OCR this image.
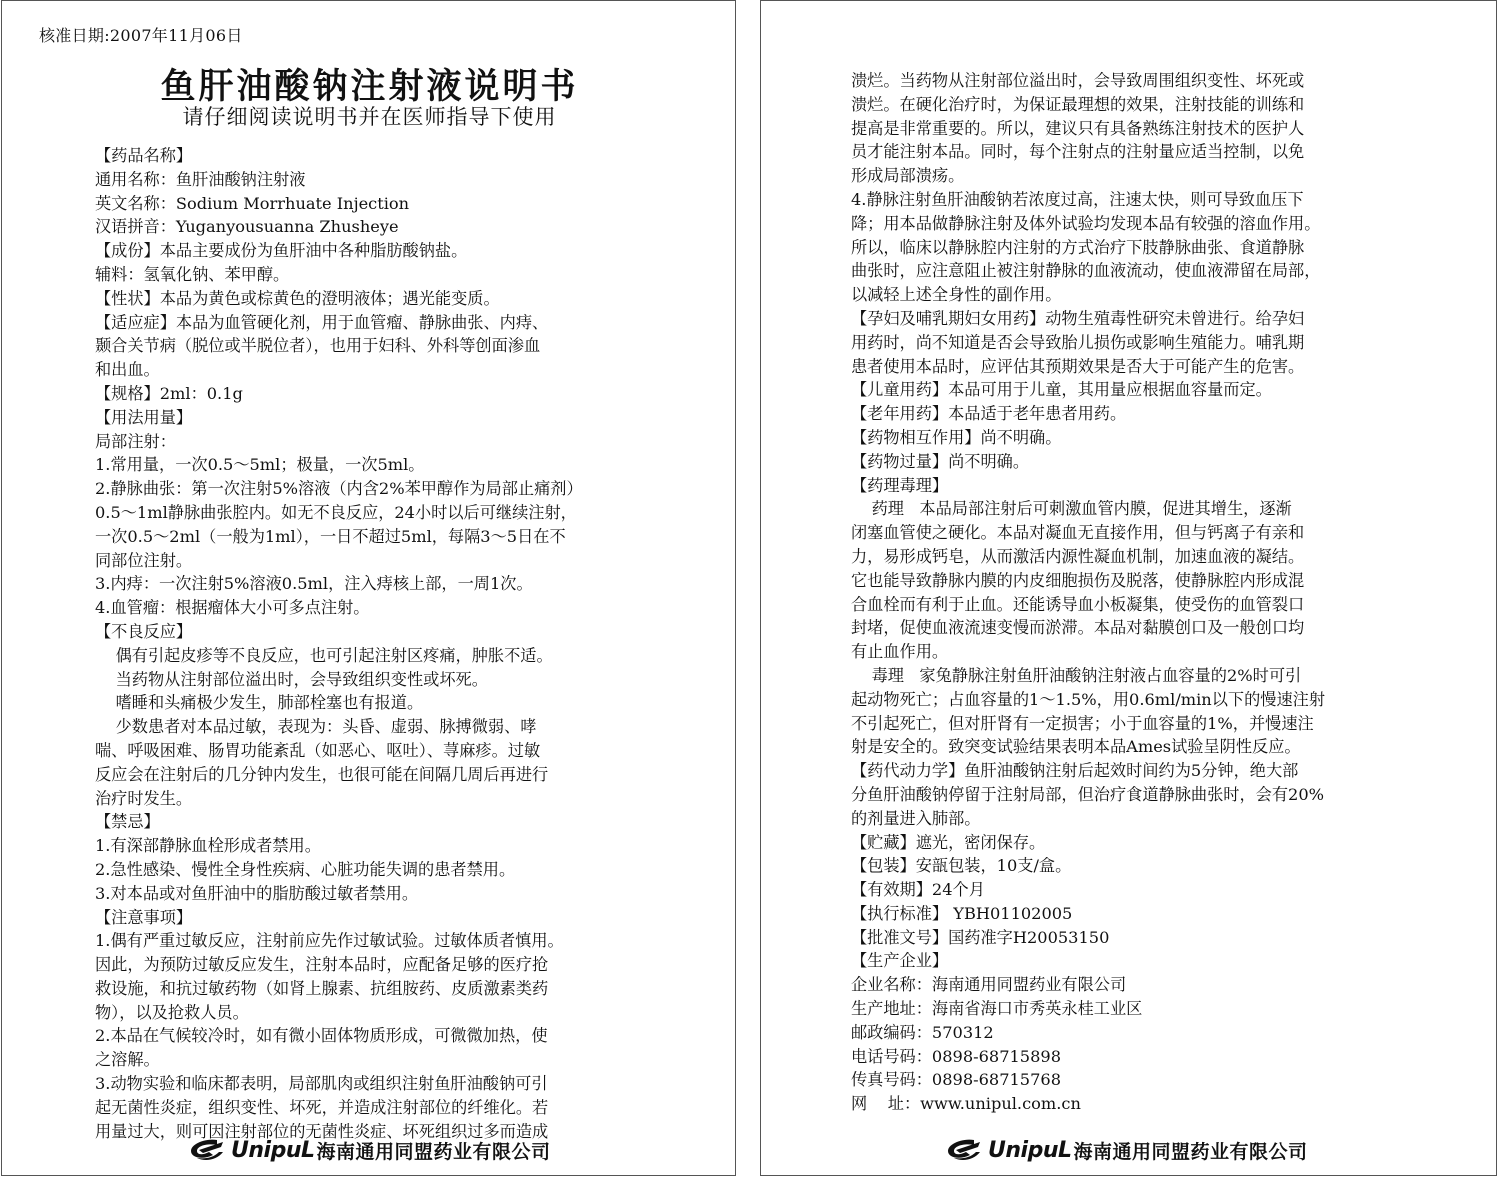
核准日期:2007年11月06日
鱼肝油酸钠注射液说明书
请仔细阅读说明书并在医师指导下使用
【药品名称】
通用名称：鱼肝油酸钠注射液
英文名称：Sodium Morrhuate Injection
汉语拼音：Yuganyousuanna Zhusheye
【成份】本品主要成份为鱼肝油中各种脂肪酸钠盐。
辅料：氢氧化钠、苯甲醇。
【性状】本品为黄色或棕黄色的澄明液体；遇光能变质。
【适应症】本品为血管硬化剂，用于血管瘤、静脉曲张、内痔、
颞合关节病（脱位或半脱位者），也用于妇科、外科等创面渗血
和出血。
【规格】2ml：0.1g
【用法用量】
局部注射：
1.常用量，一次0.5～5ml；极量，一次5ml。
2.静脉曲张：第一次注射5%溶液（内含2%苯甲醇作为局部止痛剂）
0.5～1ml静脉曲张腔内。如无不良反应，24小时以后可继续注射，
一次0.5～2ml（一般为1ml），一日不超过5ml，每隔3～5日在不
同部位注射。
3.内痔：一次注射5%溶液0.5ml，注入痔核上部，一周1次。
4.血管瘤：根据瘤体大小可多点注射。
【不良反应】
偶有引起皮疹等不良反应，也可引起注射区疼痛，肿胀不适。
当药物从注射部位溢出时，会导致组织变性或坏死。
嗜睡和头痛极少发生，肺部栓塞也有报道。
少数患者对本品过敏，表现为：头昏、虚弱、脉搏微弱、哮
喘、呼吸困难、肠胃功能紊乱（如恶心、呕吐）、荨麻疹。过敏
反应会在注射后的几分钟内发生，也很可能在间隔几周后再进行
治疗时发生。
【禁忌】
1.有深部静脉血栓形成者禁用。
2.急性感染、慢性全身性疾病、心脏功能失调的患者禁用。
3.对本品或对鱼肝油中的脂肪酸过敏者禁用。
【注意事项】
1.偶有严重过敏反应，注射前应先作过敏试验。过敏体质者慎用。
因此，为预防过敏反应发生，注射本品时，应配备足够的医疗抢
救设施，和抗过敏药物（如肾上腺素、抗组胺药、皮质激素类药
物），以及抢救人员。
2.本品在气候较冷时，如有微小固体物质形成，可微微加热，使
之溶解。
3.动物实验和临床都表明，局部肌肉或组织注射鱼肝油酸钠可引
起无菌性炎症，组织变性、坏死，并造成注射部位的纤维化。若
用量过大，则可因注射部位的无菌性炎症、坏死组织过多而造成
UnipuL 海南通用同盟药业有限公司
溃烂。当药物从注射部位溢出时，会导致周围组织变性、坏死或
溃烂。在硬化治疗时，为保证最理想的效果，注射技能的训练和
提高是非常重要的。所以，建议只有具备熟练注射技术的医护人
员才能注射本品。同时，每个注射点的注射量应适当控制，以免
形成局部溃疡。
4.静脉注射鱼肝油酸钠若浓度过高，注速太快，则可导致血压下
降；用本品做静脉注射及体外试验均发现本品有较强的溶血作用。
所以，临床以静脉腔内注射的方式治疗下肢静脉曲张、食道静脉
曲张时，应注意阻止被注射静脉的血液流动，使血液滞留在局部，
以减轻上述全身性的副作用。
【孕妇及哺乳期妇女用药】动物生殖毒性研究未曾进行。给孕妇
用药时，尚不知道是否会导致胎儿损伤或影响生殖能力。哺乳期
患者使用本品时，应评估其预期效果是否大于可能产生的危害。
【儿童用药】本品可用于儿童，其用量应根据血容量而定。
【老年用药】本品适于老年患者用药。
【药物相互作用】尚不明确。
【药物过量】尚不明确。
【药理毒理】
药理   本品局部注射后可刺激血管内膜，促进其增生，逐渐
闭塞血管使之硬化。本品对凝血无直接作用，但与钙离子有亲和
力，易形成钙皂，从而激活内源性凝血机制，加速血液的凝结。
它也能导致静脉内膜的内皮细胞损伤及脱落，使静脉腔内形成混
合血栓而有利于止血。还能诱导血小板凝集，使受伤的血管裂口
封堵，促使血液流速变慢而淤滞。本品对黏膜创口及一般创口均
有止血作用。
毒理   家兔静脉注射鱼肝油酸钠注射液占血容量的2%时可引
起动物死亡；占血容量的1～1.5%，用0.6ml/min以下的慢速注射
不引起死亡，但对肝肾有一定损害；小于血容量的1%，并慢速注
射是安全的。致突变试验结果表明本品Ames试验呈阴性反应。
【药代动力学】鱼肝油酸钠注射后起效时间约为5分钟，绝大部
分鱼肝油酸钠停留于注射局部，但治疗食道静脉曲张时，会有20%
的剂量进入肺部。
【贮藏】遮光，密闭保存。
【包装】安瓿包装，10支/盒。
【有效期】24个月
【执行标准】 YBH01102005
【批准文号】国药准字H20053150
【生产企业】
企业名称：海南通用同盟药业有限公司
生产地址：海南省海口市秀英永桂工业区
邮政编码：570312
电话号码：0898-68715898
传真号码：0898-68715768
网    址：www.unipul.com.cn
UnipuL 海南通用同盟药业有限公司
